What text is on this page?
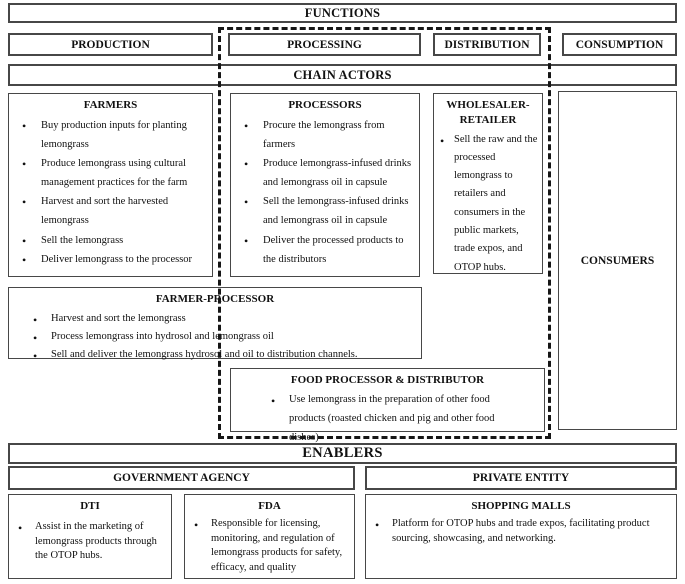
FUNCTIONS
PRODUCTION	PROCESSING	DISTRIBUTION	CONSUMPTION
CHAIN ACTORS
FARMERS
• Buy production inputs for planting lemongrass
• Produce lemongrass using cultural management practices for the farm
• Harvest and sort the harvested lemongrass
• Sell the lemongrass
• Deliver lemongrass to the processor
PROCESSORS
• Procure the lemongrass from farmers
• Produce lemongrass-infused drinks and lemongrass oil in capsule
• Sell the lemongrass-infused drinks and lemongrass oil in capsule
• Deliver the processed products to the distributors
WHOLESALER-RETAILER
• Sell the raw and the processed lemongrass to retailers and consumers in the public markets, trade expos, and OTOP hubs.
CONSUMERS
FARMER-PROCESSOR
• Harvest and sort the lemongrass
• Process lemongrass into hydrosol and lemongrass oil
• Sell and deliver the lemongrass hydrosol and oil to distribution channels.
FOOD PROCESSOR & DISTRIBUTOR
• Use lemongrass in the preparation of other food products (roasted chicken and pig and other food dishes)
ENABLERS
GOVERNMENT AGENCY	PRIVATE ENTITY
DTI
• Assist in the marketing of lemongrass products through the OTOP hubs.
FDA
• Responsible for licensing, monitoring, and regulation of lemongrass products for safety, efficacy, and quality
SHOPPING MALLS
• Platform for OTOP hubs and trade expos, facilitating product sourcing, showcasing, and networking.
